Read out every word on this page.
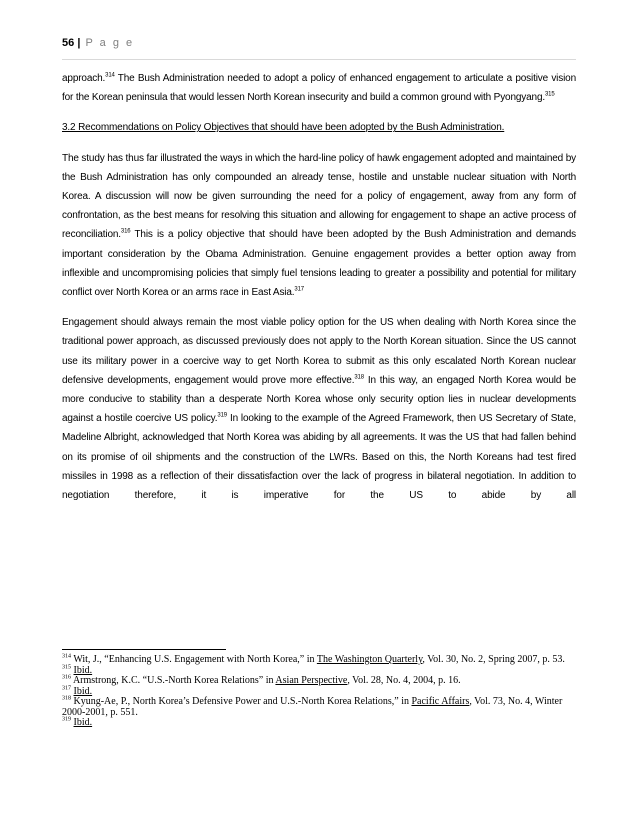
56 | P a g e

approach.$^{314}$ The Bush Administration needed to adopt a policy of enhanced engagement to articulate a positive vision for the Korean peninsula that would lessen North Korean insecurity and build a common ground with Pyongyang.$^{315}$

3.2 Recommendations on Policy Objectives that should have been adopted by the Bush Administration.

The study has thus far illustrated the ways in which the hard-line policy of hawk engagement adopted and maintained by the Bush Administration has only compounded an already tense, hostile and unstable nuclear situation with North Korea. A discussion will now be given surrounding the need for a policy of engagement, away from any form of confrontation, as the best means for resolving this situation and allowing for engagement to shape an active process of reconciliation.$^{316}$ This is a policy objective that should have been adopted by the Bush Administration and demands important consideration by the Obama Administration. Genuine engagement provides a better option away from inflexible and uncompromising policies that simply fuel tensions leading to greater a possibility and potential for military conflict over North Korea or an arms race in East Asia.$^{317}$

Engagement should always remain the most viable policy option for the US when dealing with North Korea since the traditional power approach, as discussed previously does not apply to the North Korean situation. Since the US cannot use its military power in a coercive way to get North Korea to submit as this only escalated North Korean nuclear defensive developments, engagement would prove more effective.$^{318}$ In this way, an engaged North Korea would be more conducive to stability than a desperate North Korea whose only security option lies in nuclear developments against a hostile coercive US policy.$^{319}$ In looking to the example of the Agreed Framework, then US Secretary of State, Madeline Albright, acknowledged that North Korea was abiding by all agreements. It was the US that had fallen behind on its promise of oil shipments and the construction of the LWRs. Based on this, the North Koreans had test fired missiles in 1998 as a reflection of their dissatisfaction over the lack of progress in bilateral negotiation. In addition to negotiation therefore, it is imperative for the US to abide by all

$^{314}$ Wit, J., “Enhancing U.S. Engagement with North Korea,” in The Washington Quarterly, Vol. 30, No. 2, Spring 2007, p. 53.
$^{315}$ Ibid.
$^{316}$ Armstrong, K.C. “U.S.-North Korea Relations” in Asian Perspective, Vol. 28, No. 4, 2004, p. 16.
$^{317}$ Ibid.
$^{318}$ Kyung-Ae, P., North Korea’s Defensive Power and U.S.-North Korea Relations,” in Pacific Affairs, Vol. 73, No. 4, Winter 2000-2001, p. 551.
$^{319}$ Ibid.
